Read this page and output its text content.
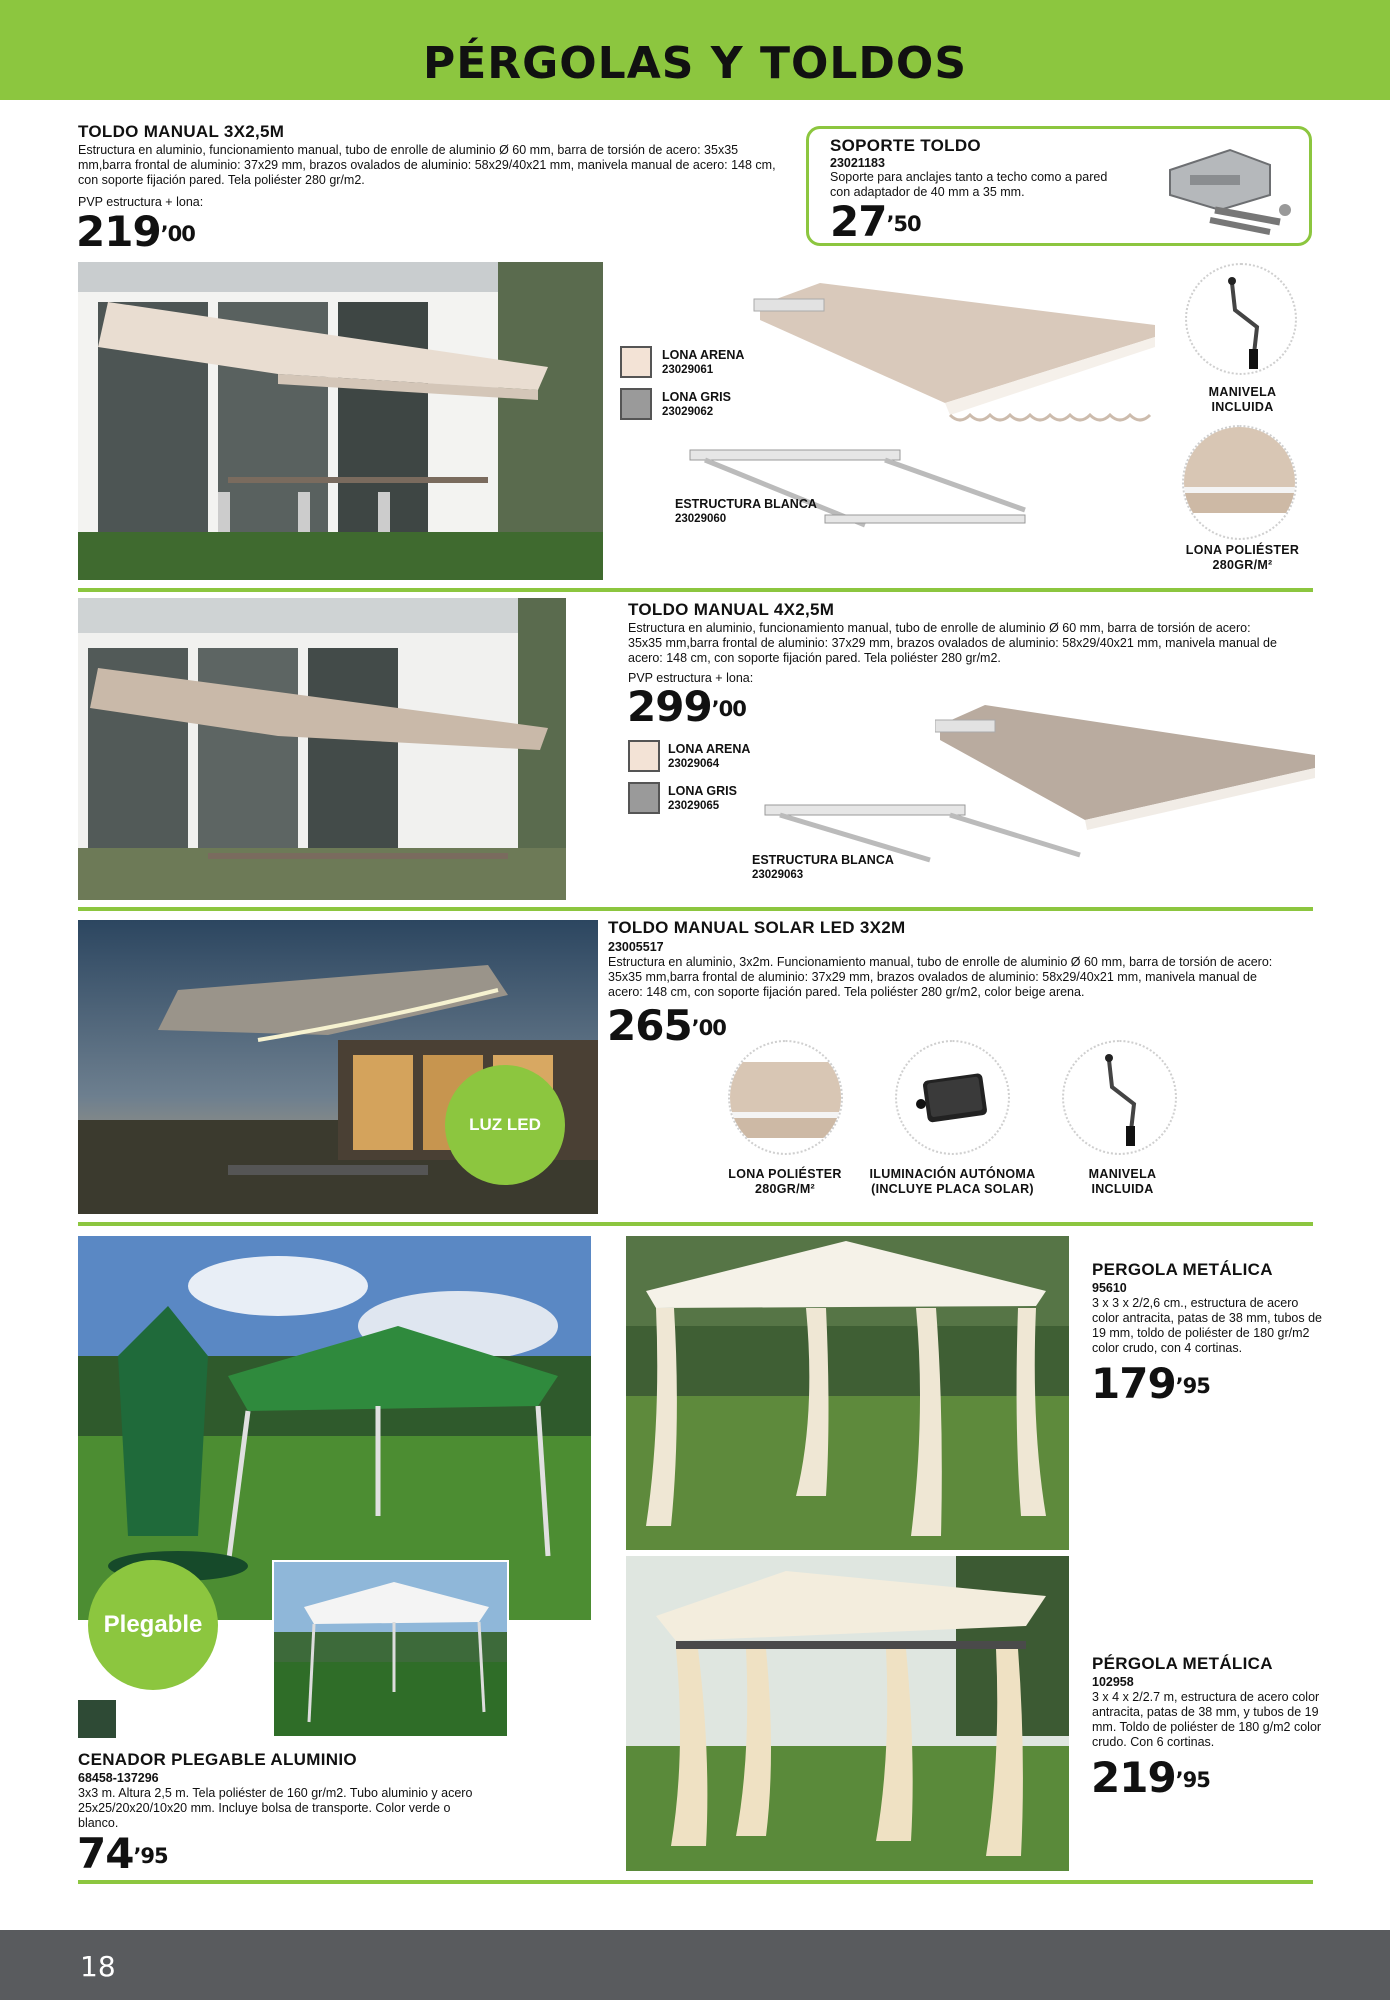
PÉRGOLAS Y TOLDOS
TOLDO MANUAL 3X2,5M
Estructura en aluminio, funcionamiento manual, tubo de enrolle de aluminio Ø 60 mm, barra de torsión de acero: 35x35 mm,barra frontal de aluminio: 37x29 mm, brazos ovalados de aluminio: 58x29/40x21 mm, manivela manual de acero: 148 cm, con soporte fijación pared. Tela poliéster 280 gr/m2.
PVP estructura + lona:
$219^{’00}$
SOPORTE TOLDO
23021183
Soporte para anclajes tanto a techo como a pared con adaptador de 40 mm a 35 mm.
$27^{’50}$
LONA ARENA
23029061
LONA GRIS
23029062
ESTRUCTURA BLANCA
23029060
MANIVELA
INCLUIDA
LONA POLIÉSTER
280GR/M²
TOLDO MANUAL 4X2,5M
Estructura en aluminio, funcionamiento manual, tubo de enrolle de aluminio Ø 60 mm, barra de torsión de acero: 35x35 mm,barra frontal de aluminio: 37x29 mm, brazos ovalados de aluminio: 58x29/40x21 mm, manivela manual de acero: 148 cm, con soporte fijación pared. Tela poliéster 280 gr/m2.
PVP estructura + lona:
$299^{’00}$
LONA ARENA
23029064
LONA GRIS
23029065
ESTRUCTURA BLANCA
23029063
LUZ LED
TOLDO MANUAL SOLAR LED 3X2M
23005517
Estructura en aluminio, 3x2m. Funcionamiento manual, tubo de enrolle de aluminio Ø 60 mm, barra de torsión de acero: 35x35 mm,barra frontal de aluminio: 37x29 mm, brazos ovalados de aluminio: 58x29/40x21 mm, manivela manual de acero: 148 cm, con soporte fijación pared. Tela poliéster 280 gr/m2, color beige arena.
$265^{’00}$
LONA POLIÉSTER
280GR/M²
ILUMINACIÓN AUTÓNOMA
(INCLUYE PLACA SOLAR)
MANIVELA
INCLUIDA
Plegable
CENADOR PLEGABLE ALUMINIO
68458-137296
3x3 m. Altura 2,5 m. Tela poliéster de 160 gr/m2. Tubo aluminio y acero 25x25/20x20/10x20 mm. Incluye bolsa de transporte. Color verde o blanco.
$74^{’95}$
PERGOLA METÁLICA
95610
3 x 3 x 2/2,6 cm., estructura de acero color antracita, patas de 38 mm, tubos de 19 mm, toldo de poliéster de 180 gr/m2 color crudo, con 4 cortinas.
$179^{’95}$
PÉRGOLA METÁLICA
102958
3 x 4 x 2/2.7 m, estructura de acero color antracita, patas de 38 mm, y tubos de 19 mm. Toldo de poliéster de 180 g/m2 color crudo. Con 6 cortinas.
$219^{’95}$
18
